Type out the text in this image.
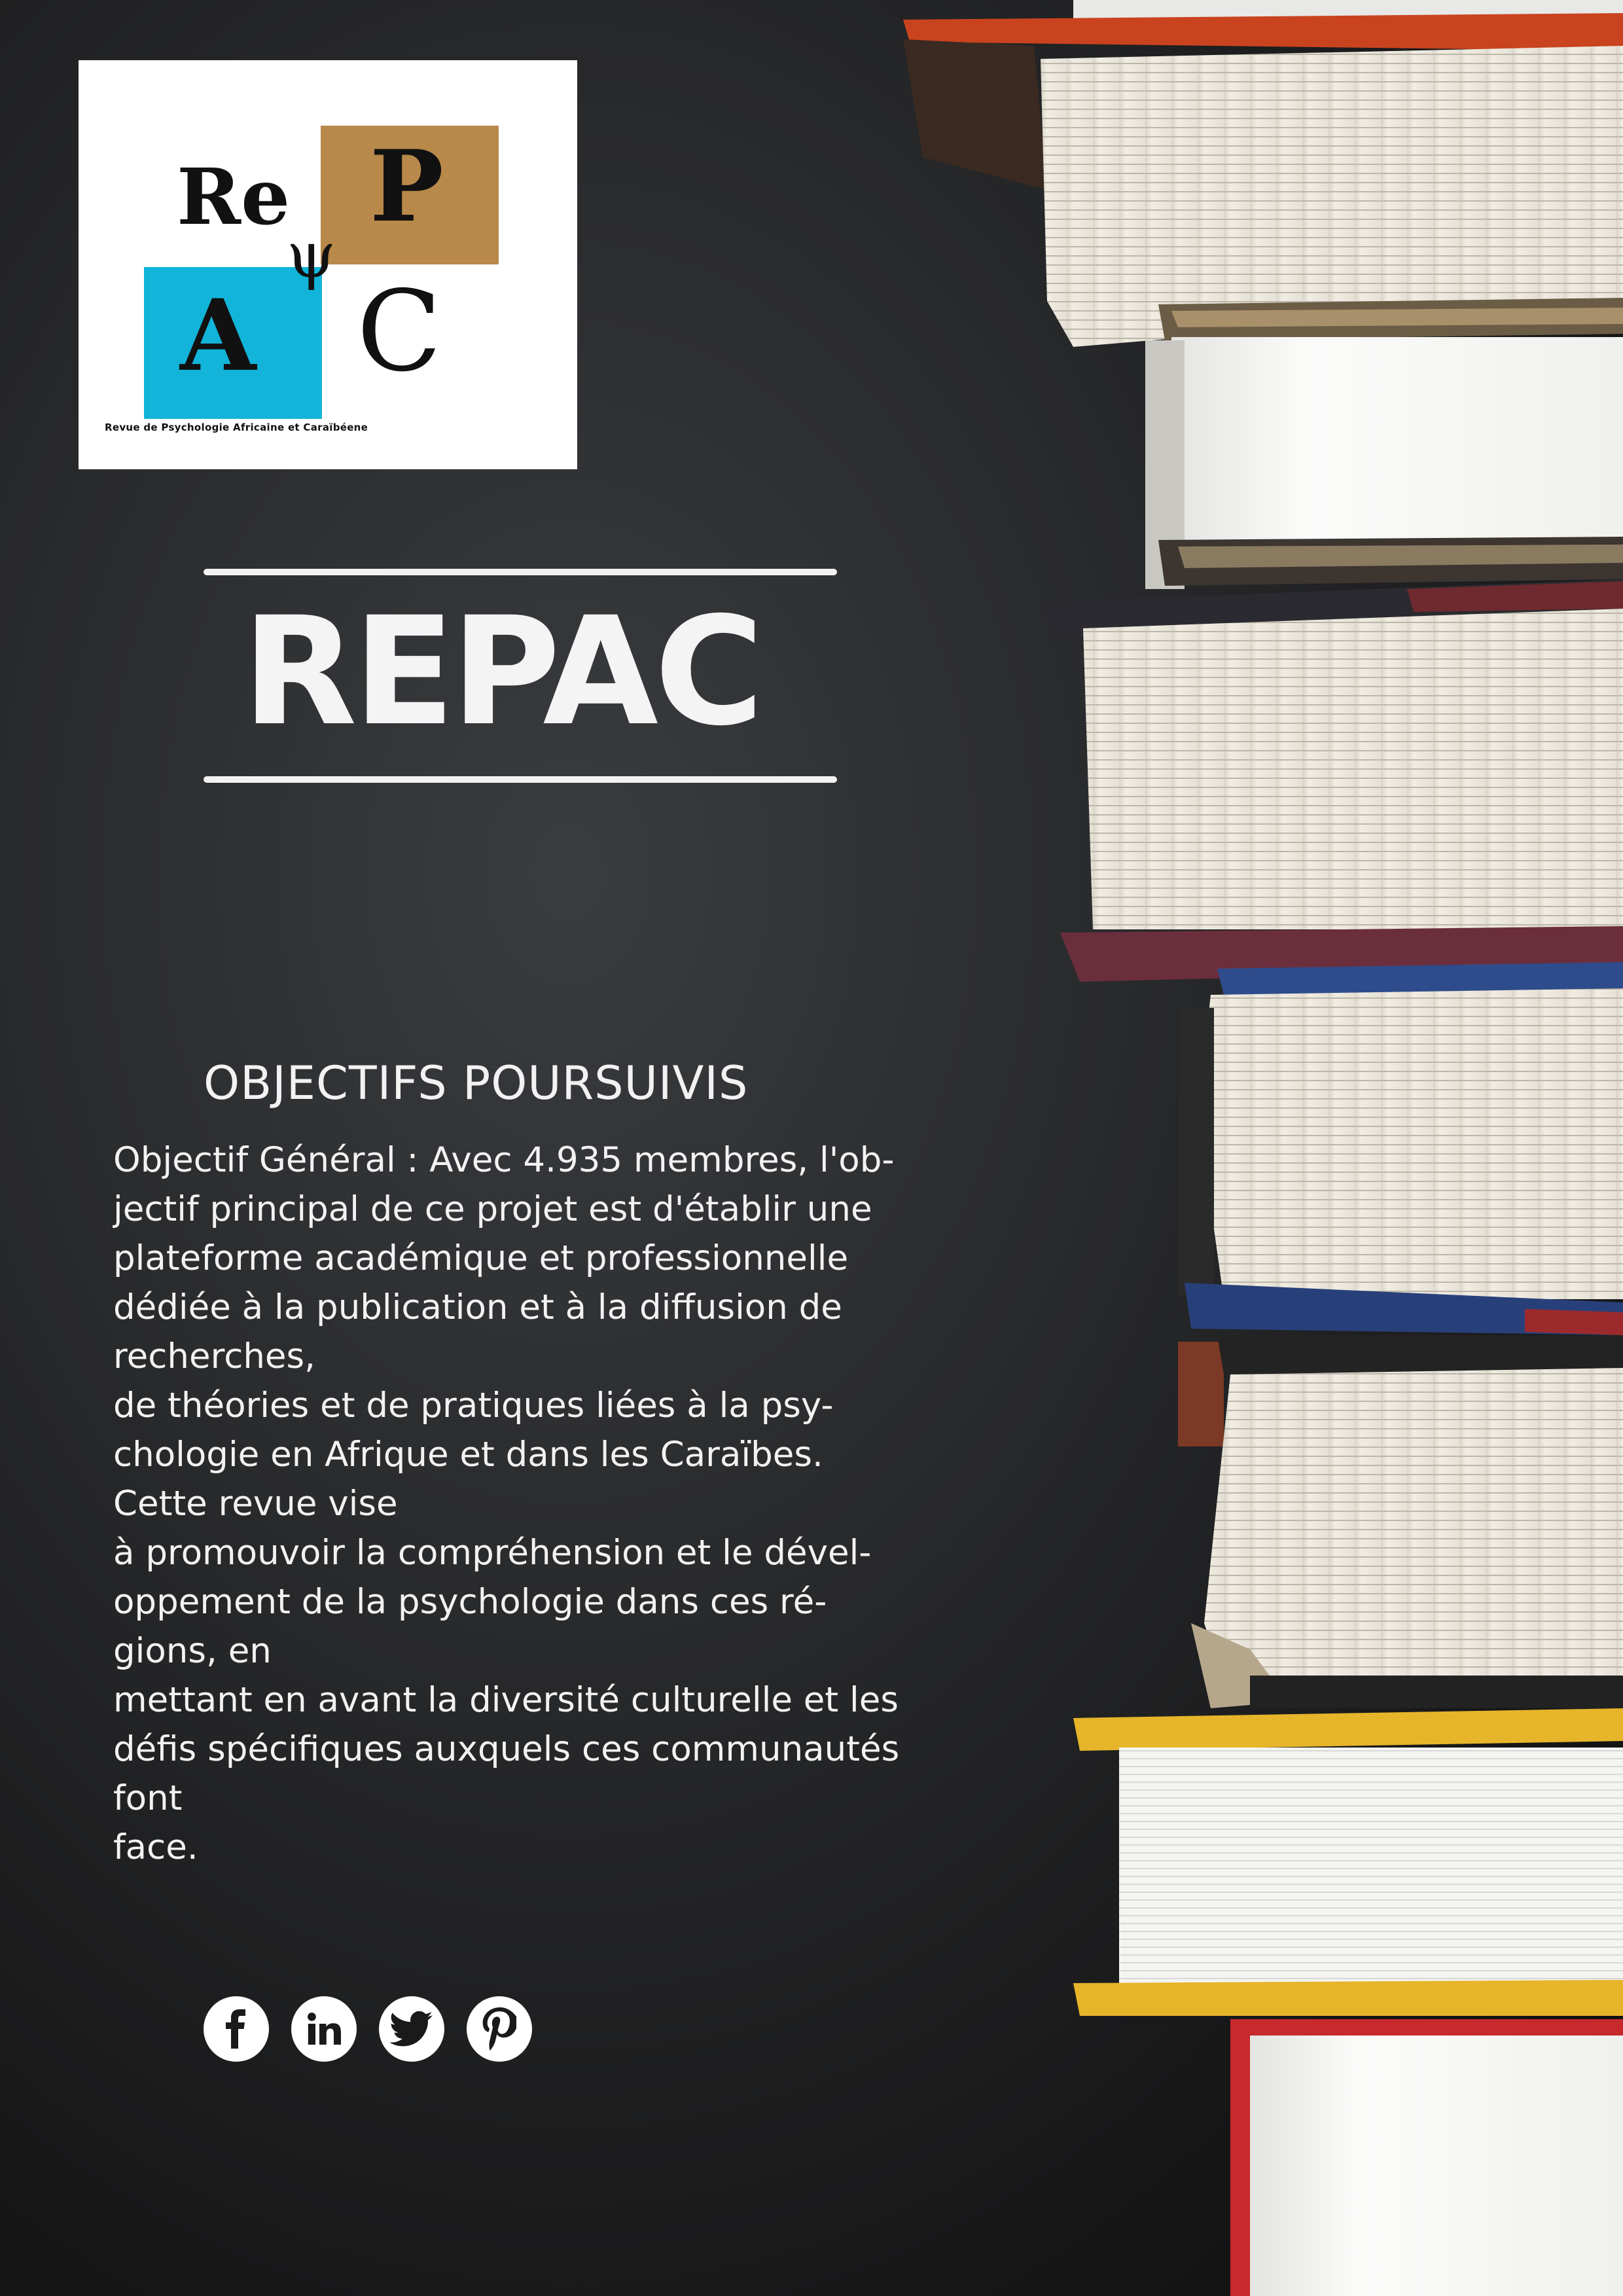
Re P
ψ
A C
Revue de Psychologie Africaine et Caraïbéene
REPAC
OBJECTIFS POURSUIVIS

Objectif Général : Avec 4.935 membres, l'ob-
jectif principal de ce projet est d'établir une
plateforme académique et professionnelle
dédiée à la publication et à la diffusion de
recherches,
de théories et de pratiques liées à la psy-
chologie en Afrique et dans les Caraïbes.
Cette revue vise
à promouvoir la compréhension et le dével-
oppement de la psychologie dans ces ré-
gions, en
mettant en avant la diversité culturelle et les
défis spécifiques auxquels ces communautés
font
face.
